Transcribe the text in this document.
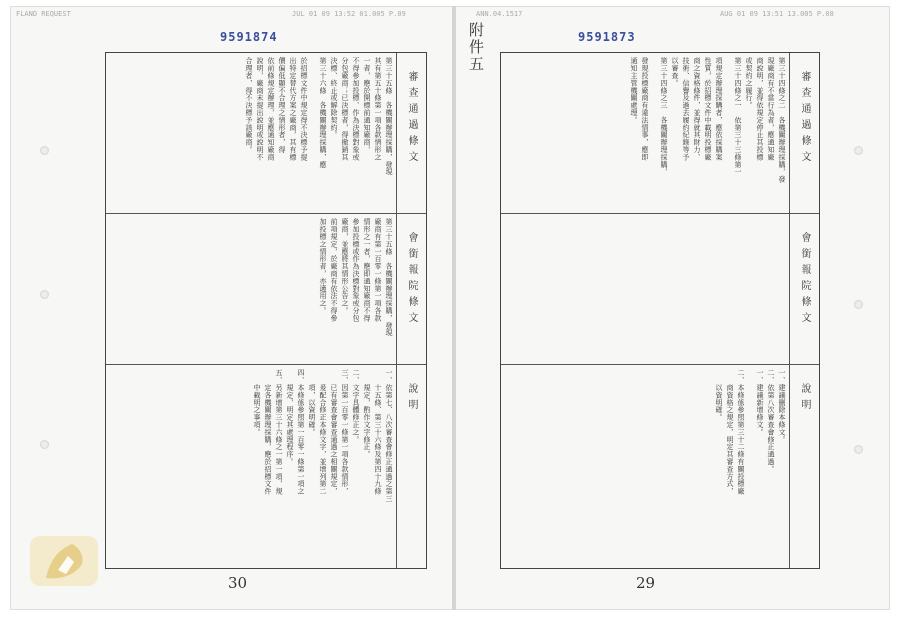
FLAND REQUEST	JUL 01 09 13:52 01.005 P.09	ANN.04.1517	AUG 01 09 13:51 13.005 P.08
9591874	9591873
附件五
第三十五條　各機關辦理採購，發現
其有第五十條第一項各款情形之
一者，應於開標前通知廠商，
不得參加投標、作為決標對象或
分包廠商；已決標者，得撤銷其
決標、終止或解除契約。
第三十六條　各機關辦理採購，應
於招標文件中規定得不決標予提
出特定替代方案之廠商，其有標
價偏低顯不合理之情形者，得
依前條規定辦理，並應通知廠商
說明，廠商未提出說明或說明不
合理者，得不決標予該廠商。	審查通過條文
第三十五條　各機關辦理採購，發現
廠商有第一百零一條第一項各款
情形之一者，應即通知廠商不得
參加投標或作為決標對象或分包
廠商，並應將其情形公告之。
前項規定，於廠商有依法不得參
加投標之情形者，亦適用之。	會銜報院條文
一、依第七、八次審查會修正通過之第三
　　十五條、第三十六條及第四十九條
　　規定，酌作文字修正。
二、文字具體修正之。
三、因第一百零一條第一項各款情形，
　　已有審查會審查通過之相關規定，
　　爰配合修正本條文字，並增列第二
　　項，以資明確。
四、本條係參照第一百零一條第一項之
　　規定，明定其處理程序。
五、另新增第三十六條之一第一項，規
　　定各機關辦理採購，應於招標文件
　　中載明之事項。	說明
第三十四條之二　各機關辦理採購，發
現廠商有不當行為者，應通知廠
商說明，並得依規定停止其投標
或契約之履行。
第三十四條之一　依第三十三條第一
項規定辦理採購者，應依採購案
性質，於招標文件中載明投標廠
商之資格條件，並得就其財力、
技術、信譽及過去履約紀錄等予
以審查。
第三十四條之三　各機關辦理採購，
發現投標廠商有違法情事，應即
通知主管機關處理。	審查通過條文
會銜報院條文
一、建議刪除本條文。
二、依第八次審查會修正通過。
一、建議新增條文。
二、本條係參照第三十二條有關投標廠
　　商資格之規定，明定其審查方式，
　　以資明確。	說明
30	29
